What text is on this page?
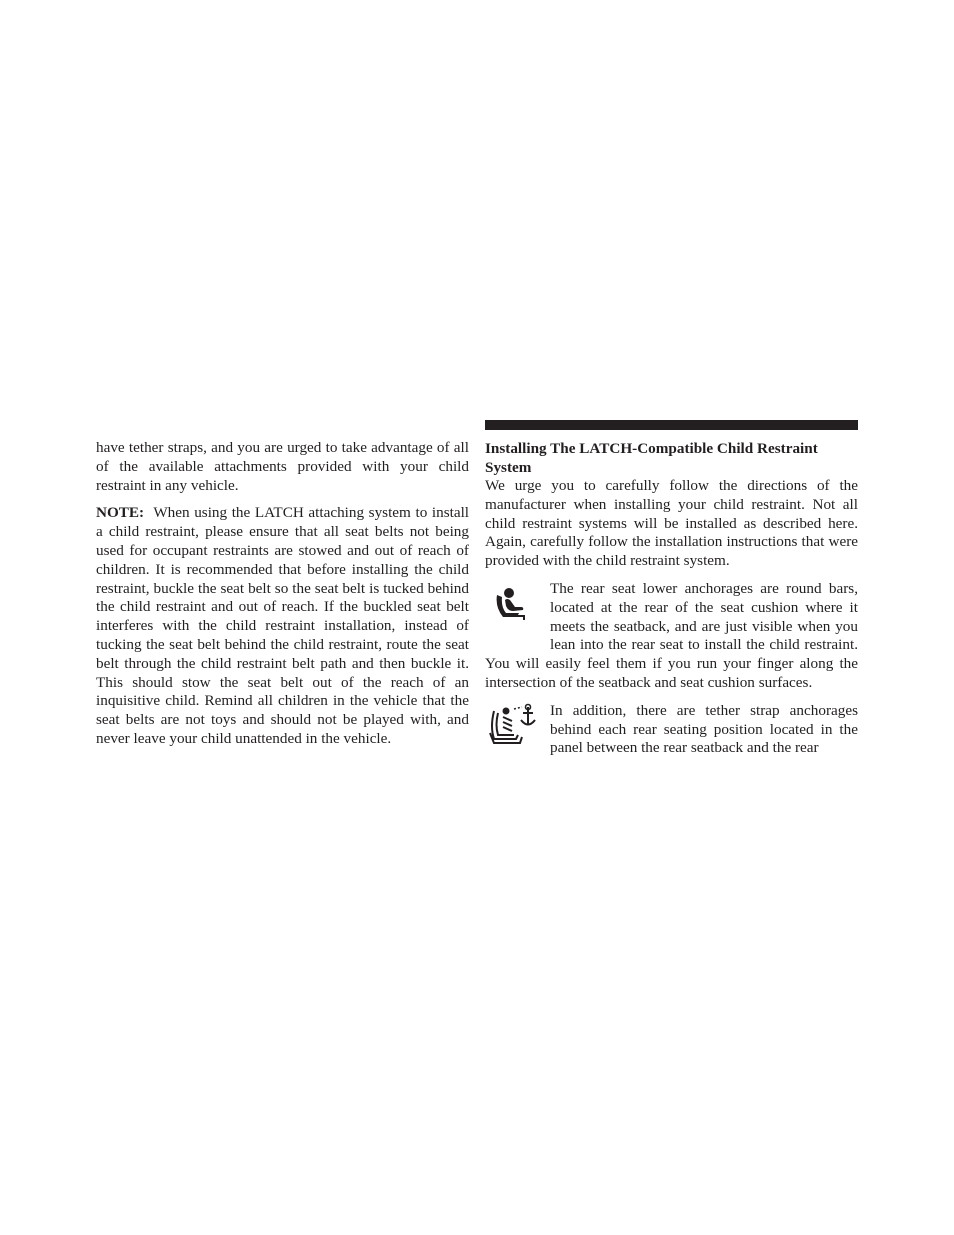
have tether straps, and you are urged to take advantage of all of the available attachments provided with your child restraint in any vehicle.

NOTE: When using the LATCH attaching system to install a child restraint, please ensure that all seat belts not being used for occupant restraints are stowed and out of reach of children. It is recommended that before installing the child restraint, buckle the seat belt so the seat belt is tucked behind the child restraint and out of reach. If the buckled seat belt interferes with the child restraint installation, instead of tucking the seat belt behind the child restraint, route the seat belt through the child restraint belt path and then buckle it. This should stow the seat belt out of the reach of an inquisitive child. Remind all children in the vehicle that the seat belts are not toys and should not be played with, and never leave your child unattended in the vehicle.

Installing The LATCH-Compatible Child Restraint System

We urge you to carefully follow the directions of the manufacturer when installing your child restraint. Not all child restraint systems will be installed as described here. Again, carefully follow the installation instructions that were provided with the child restraint system.

The rear seat lower anchorages are round bars, located at the rear of the seat cushion where it meets the seatback, and are just visible when you lean into the rear seat to install the child restraint. You will easily feel them if you run your finger along the intersection of the seatback and seat cushion surfaces.

In addition, there are tether strap anchorages behind each rear seating position located in the panel between the rear seatback and the rear
